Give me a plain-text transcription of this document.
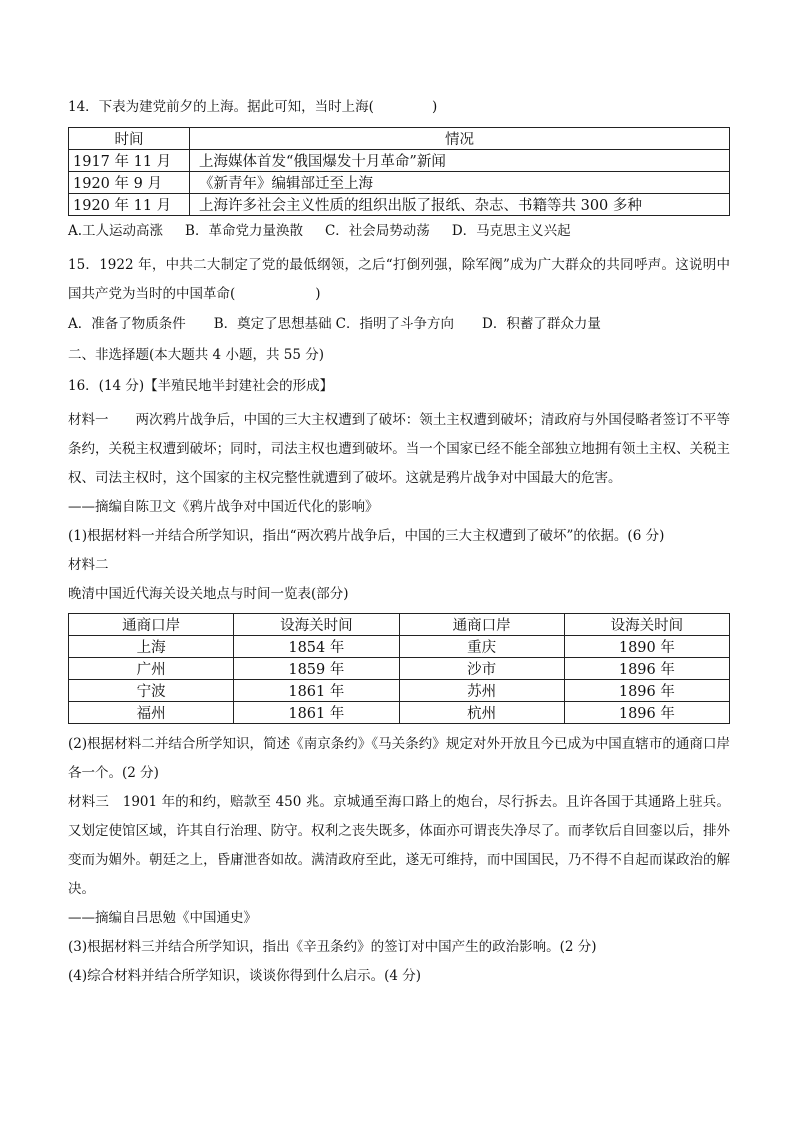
14．下表为建党前夕的上海。据此可知，当时上海(	)
时间	情况
1917 年 11 月	上海媒体首发“俄国爆发十月革命”新闻
1920 年 9 月	《新青年》编辑部迁至上海
1920 年 11 月	上海许多社会主义性质的组织出版了报纸、杂志、书籍等共 300 多种
A.工人运动高涨 B．革命党力量涣散 C．社会局势动荡 D．马克思主义兴起
15．1922 年，中共二大制定了党的最低纲领，之后“打倒列强，除军阀”成为广大群众的共同呼声。这说明中国共产党为当时的中国革命(	)
A．准备了物质条件 B．奠定了思想基础 C．指明了斗争方向 D．积蓄了群众力量
二、非选择题(本大题共 4 小题，共 55 分)
16．(14 分)【半殖民地半封建社会的形成】

材料一　　两次鸦片战争后，中国的三大主权遭到了破坏：领土主权遭到破坏；清政府与外国侵略者签订不平等条约，关税主权遭到破坏；同时，司法主权也遭到破坏。当一个国家已经不能全部独立地拥有领土主权、关税主权、司法主权时，这个国家的主权完整性就遭到了破坏。这就是鸦片战争对中国最大的危害。

——摘编自陈卫文《鸦片战争对中国近代化的影响》

(1)根据材料一并结合所学知识，指出“两次鸦片战争后，中国的三大主权遭到了破坏”的依据。(6 分)

材料二

晚清中国近代海关设关地点与时间一览表(部分)

通商口岸	设海关时间	通商口岸	设海关时间
上海	1854 年	重庆	1890 年
广州	1859 年	沙市	1896 年
宁波	1861 年	苏州	1896 年
福州	1861 年	杭州	1896 年

(2)根据材料二并结合所学知识，简述《南京条约》《马关条约》规定对外开放且今已成为中国直辖市的通商口岸各一个。(2 分)

材料三　1901 年的和约，赔款至 450 兆。京城通至海口路上的炮台，尽行拆去。且许各国于其通路上驻兵。又划定使馆区域，许其自行治理、防守。权利之丧失既多，体面亦可谓丧失净尽了。而孝钦后自回銮以后，排外变而为媚外。朝廷之上，昏庸泄沓如故。满清政府至此，遂无可维持，而中国国民，乃不得不自起而谋政治的解决。

——摘编自吕思勉《中国通史》

(3)根据材料三并结合所学知识，指出《辛丑条约》的签订对中国产生的政治影响。(2 分)

(4)综合材料并结合所学知识，谈谈你得到什么启示。(4 分)
